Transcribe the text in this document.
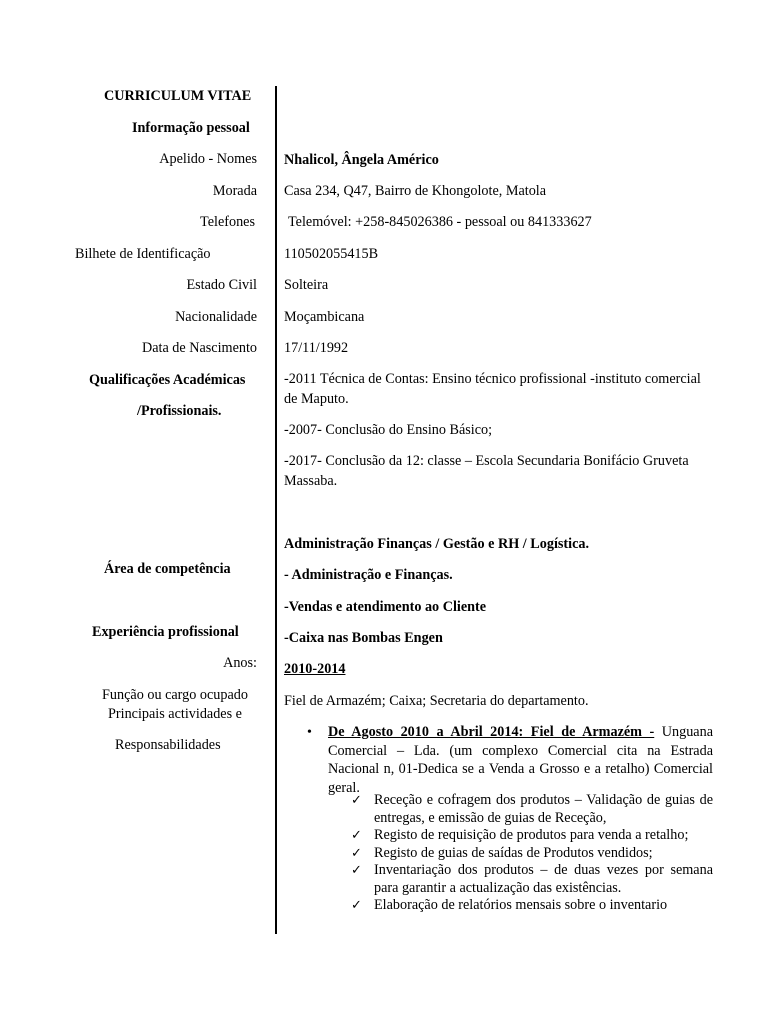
CURRICULUM VITAE
Informação pessoal
Apelido - Nomes
Morada
Telefones
Bilhete de Identificação
Estado Civil
Nacionalidade
Data de Nascimento
Qualificações Académicas
/Profissionais.
Área de competência
Experiência profissional
Anos:
Função ou cargo ocupado
Principais actividades e
Responsabilidades
Nhalicol, Ângela Américo
Casa 234, Q47, Bairro de Khongolote, Matola
Telemóvel: +258-845026386 - pessoal ou 841333627
110502055415B
Solteira
Moçambicana
17/11/1992
-2011 Técnica de Contas: Ensino técnico profissional -instituto comercial de Maputo.
-2007- Conclusão do Ensino Básico;
-2017- Conclusão da 12: classe – Escola Secundaria Bonifácio Gruveta Massaba.
Administração Finanças / Gestão e RH / Logística.
- Administração e Finanças.
-Vendas e atendimento ao Cliente
-Caixa nas Bombas Engen
2010-2014
Fiel de Armazém; Caixa; Secretaria do departamento.
• De Agosto 2010 a Abril 2014: Fiel de Armazém - Unguana Comercial – Lda. (um complexo Comercial cita na Estrada Nacional n, 01-Dedica se a Venda a Grosso e a retalho) Comercial geral.
✓ Receção e cofragem dos produtos – Validação de guias de entregas, e emissão de guias de Receção,
✓ Registo de requisição de produtos para venda a retalho;
✓ Registo de guias de saídas de Produtos vendidos;
✓ Inventariação dos produtos – de duas vezes por semana para garantir a actualização das existências.
✓ Elaboração de relatórios mensais sobre o inventario
